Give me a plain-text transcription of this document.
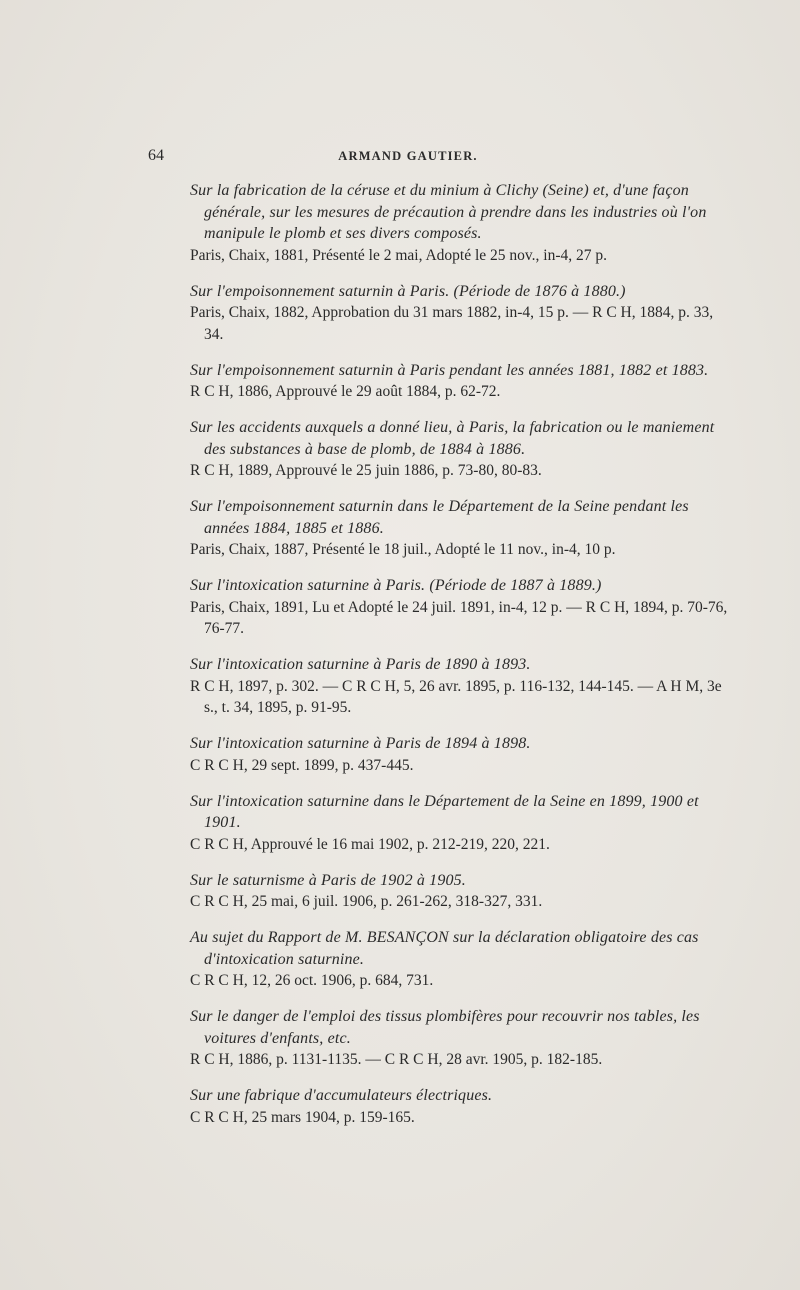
64	ARMAND GAUTIER.

Sur la fabrication de la céruse et du minium à Clichy (Seine) et, d'une façon générale, sur les mesures de précaution à prendre dans les industries où l'on manipule le plomb et ses divers composés.

Paris, Chaix, 1881, Présenté le 2 mai, Adopté le 25 nov., in-4, 27 p.

Sur l'empoisonnement saturnin à Paris. (Période de 1876 à 1880.)

Paris, Chaix, 1882, Approbation du 31 mars 1882, in-4, 15 p. — R C H, 1884, p. 33, 34.

Sur l'empoisonnement saturnin à Paris pendant les années 1881, 1882 et 1883.

R C H, 1886, Approuvé le 29 août 1884, p. 62-72.

Sur les accidents auxquels a donné lieu, à Paris, la fabrication ou le maniement des substances à base de plomb, de 1884 à 1886.

R C H, 1889, Approuvé le 25 juin 1886, p. 73-80, 80-83.

Sur l'empoisonnement saturnin dans le Département de la Seine pendant les années 1884, 1885 et 1886.

Paris, Chaix, 1887, Présenté le 18 juil., Adopté le 11 nov., in-4, 10 p.

Sur l'intoxication saturnine à Paris. (Période de 1887 à 1889.)

Paris, Chaix, 1891, Lu et Adopté le 24 juil. 1891, in-4, 12 p. — R C H, 1894, p. 70-76, 76-77.

Sur l'intoxication saturnine à Paris de 1890 à 1893.

R C H, 1897, p. 302. — C R C H, 5, 26 avr. 1895, p. 116-132, 144-145. — A H M, 3e s., t. 34, 1895, p. 91-95.

Sur l'intoxication saturnine à Paris de 1894 à 1898.

C R C H, 29 sept. 1899, p. 437-445.

Sur l'intoxication saturnine dans le Département de la Seine en 1899, 1900 et 1901.

C R C H, Approuvé le 16 mai 1902, p. 212-219, 220, 221.

Sur le saturnisme à Paris de 1902 à 1905.

C R C H, 25 mai, 6 juil. 1906, p. 261-262, 318-327, 331.

Au sujet du Rapport de M. BESANÇON sur la déclaration obligatoire des cas d'intoxication saturnine.

C R C H, 12, 26 oct. 1906, p. 684, 731.

Sur le danger de l'emploi des tissus plombifères pour recouvrir nos tables, les voitures d'enfants, etc.

R C H, 1886, p. 1131-1135. — C R C H, 28 avr. 1905, p. 182-185.

Sur une fabrique d'accumulateurs électriques.

C R C H, 25 mars 1904, p. 159-165.
